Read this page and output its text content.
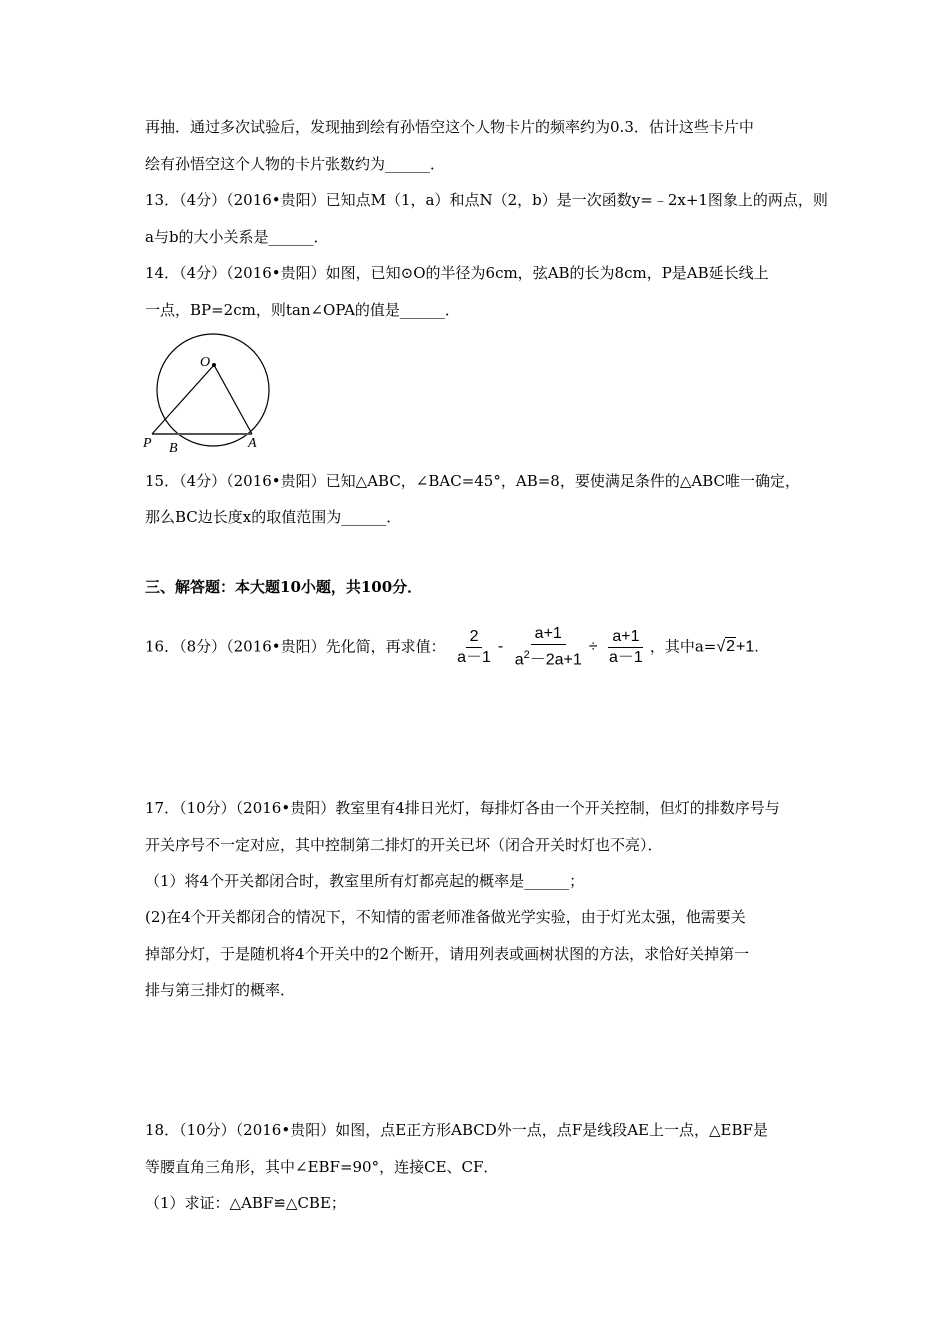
再抽．通过多次试验后，发现抽到绘有孙悟空这个人物卡片的频率约为0.3．估计这些卡片中
绘有孙悟空这个人物的卡片张数约为______．
13．（4分）（2016•贵阳）已知点M（1，a）和点N（2，b）是一次函数y=﹣2x+1图象上的两点，则
a与b的大小关系是______．
14．（4分）（2016•贵阳）如图，已知⊙O的半径为6cm，弦AB的长为8cm，P是AB延长线上
一点，BP=2cm，则tan∠OPA的值是______．
O
P B	A
15．（4分）（2016•贵阳）已知△ABC，∠BAC=45°，AB=8，要使满足条件的△ABC唯一确定，
那么BC边长度x的取值范围为______．
三、解答题：本大题10小题，共100分．
16．（8分）（2016•贵阳）先化简，再求值： $\frac{2}{a-1} - \frac{a+1}{a^2-2a+1} \div \frac{a+1}{a-1}$ ，其中a=√2+1.
17．（10分）（2016•贵阳）教室里有4排日光灯，每排灯各由一个开关控制，但灯的排数序号与
开关序号不一定对应，其中控制第二排灯的开关已坏（闭合开关时灯也不亮）．
（1）将4个开关都闭合时，教室里所有灯都亮起的概率是______；
(2)在4个开关都闭合的情况下，不知情的雷老师准备做光学实验，由于灯光太强，他需要关
掉部分灯，于是随机将4个开关中的2个断开，请用列表或画树状图的方法，求恰好关掉第一
排与第三排灯的概率．
18．（10分）（2016•贵阳）如图，点E正方形ABCD外一点，点F是线段AE上一点，△EBF是
等腰直角三角形，其中∠EBF=90°，连接CE、CF．
（1）求证：△ABF≌△CBE；
